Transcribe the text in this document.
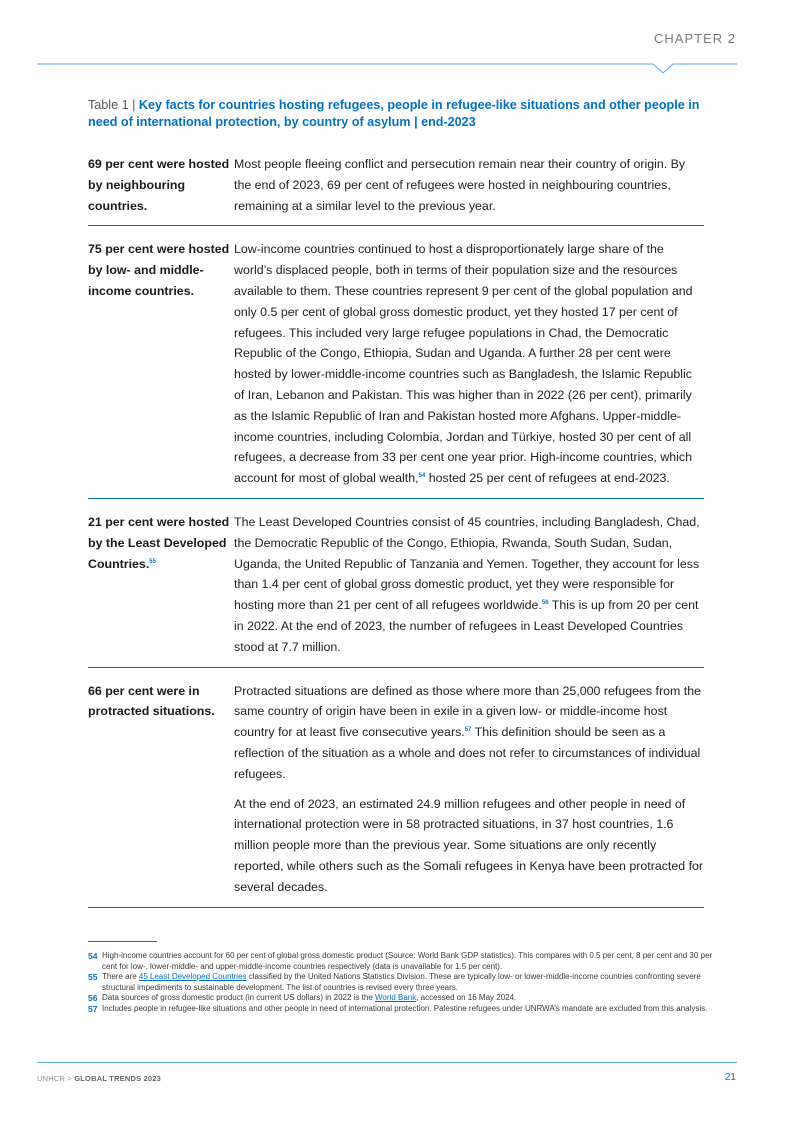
CHAPTER 2
Table 1 | Key facts for countries hosting refugees, people in refugee-like situations and other people in need of international protection, by country of asylum | end-2023
69 per cent were hosted by neighbouring countries.

Most people fleeing conflict and persecution remain near their country of origin. By the end of 2023, 69 per cent of refugees were hosted in neighbouring countries, remaining at a similar level to the previous year.

75 per cent were hosted by low- and middle-income countries.

Low-income countries continued to host a disproportionately large share of the world’s displaced people, both in terms of their population size and the resources available to them. These countries represent 9 per cent of the global population and only 0.5 per cent of global gross domestic product, yet they hosted 17 per cent of refugees. This included very large refugee populations in Chad, the Democratic Republic of the Congo, Ethiopia, Sudan and Uganda. A further 28 per cent were hosted by lower-middle-income countries such as Bangladesh, the Islamic Republic of Iran, Lebanon and Pakistan. This was higher than in 2022 (26 per cent), primarily as the Islamic Republic of Iran and Pakistan hosted more Afghans. Upper-middle-income countries, including Colombia, Jordan and Türkiye, hosted 30 per cent of all refugees, a decrease from 33 per cent one year prior. High-income countries, which account for most of global wealth,$^{54}$ hosted 25 per cent of refugees at end-2023.

21 per cent were hosted by the Least Developed Countries.$^{55}$

The Least Developed Countries consist of 45 countries, including Bangladesh, Chad, the Democratic Republic of the Congo, Ethiopia, Rwanda, South Sudan, Sudan, Uganda, the United Republic of Tanzania and Yemen. Together, they account for less than 1.4 per cent of global gross domestic product, yet they were responsible for hosting more than 21 per cent of all refugees worldwide.$^{56}$ This is up from 20 per cent in 2022. At the end of 2023, the number of refugees in Least Developed Countries stood at 7.7 million.

66 per cent were in protracted situations.

Protracted situations are defined as those where more than 25,000 refugees from the same country of origin have been in exile in a given low- or middle-income host country for at least five consecutive years.$^{57}$ This definition should be seen as a reflection of the situation as a whole and does not refer to circumstances of individual refugees.

At the end of 2023, an estimated 24.9 million refugees and other people in need of international protection were in 58 protracted situations, in 37 host countries, 1.6 million people more than the previous year. Some situations are only recently reported, while others such as the Somali refugees in Kenya have been protracted for several decades.

54 High-income countries account for 60 per cent of global gross domestic product (Source: World Bank GDP statistics). This compares with 0.5 per cent, 8 per cent and 30 per cent for low-, lower-middle- and upper-middle-income countries respectively (data is unavailable for 1.5 per cent).
55 There are 45 Least Developed Countries classified by the United Nations Statistics Division. These are typically low- or lower-middle-income countries confronting severe structural impediments to sustainable development. The list of countries is revised every three years.
56 Data sources of gross domestic product (in current US dollars) in 2022 is the World Bank, accessed on 16 May 2024.
57 Includes people in refugee-like situations and other people in need of international protection. Palestine refugees under UNRWA’s mandate are excluded from this analysis.
UNHCR > GLOBAL TRENDS 2023	21
